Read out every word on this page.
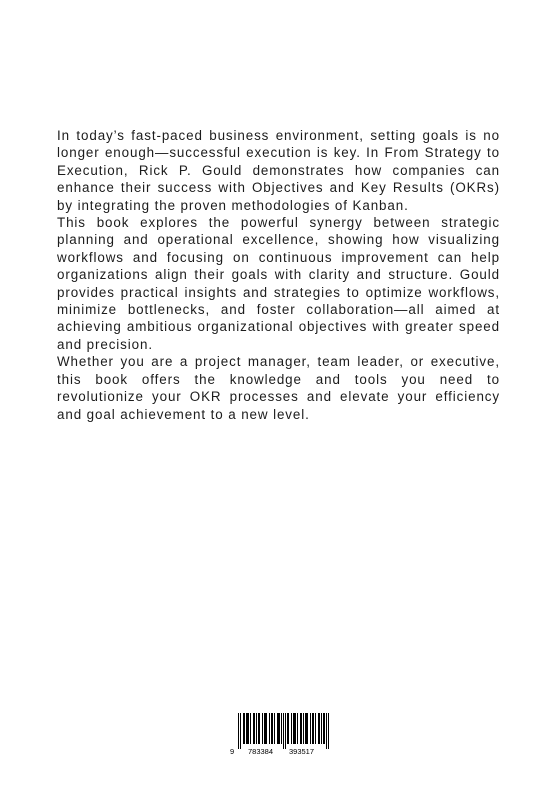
In today’s fast-paced business environment, setting goals is no longer enough—successful execution is key. In From Strategy to Execution, Rick P. Gould demonstrates how companies can enhance their success with Objectives and Key Results (OKRs) by integrating the proven methodologies of Kanban.

This book explores the powerful synergy between strategic planning and operational excellence, showing how visualizing workflows and focusing on continuous improvement can help organizations align their goals with clarity and structure. Gould provides practical insights and strategies to optimize workflows, minimize bottlenecks, and foster collaboration—all aimed at achieving ambitious organizational objectives with greater speed and precision.

Whether you are a project manager, team leader, or executive, this book offers the knowledge and tools you need to revolutionize your OKR processes and elevate your efficiency and goal achievement to a new level.

9 783384 393517
